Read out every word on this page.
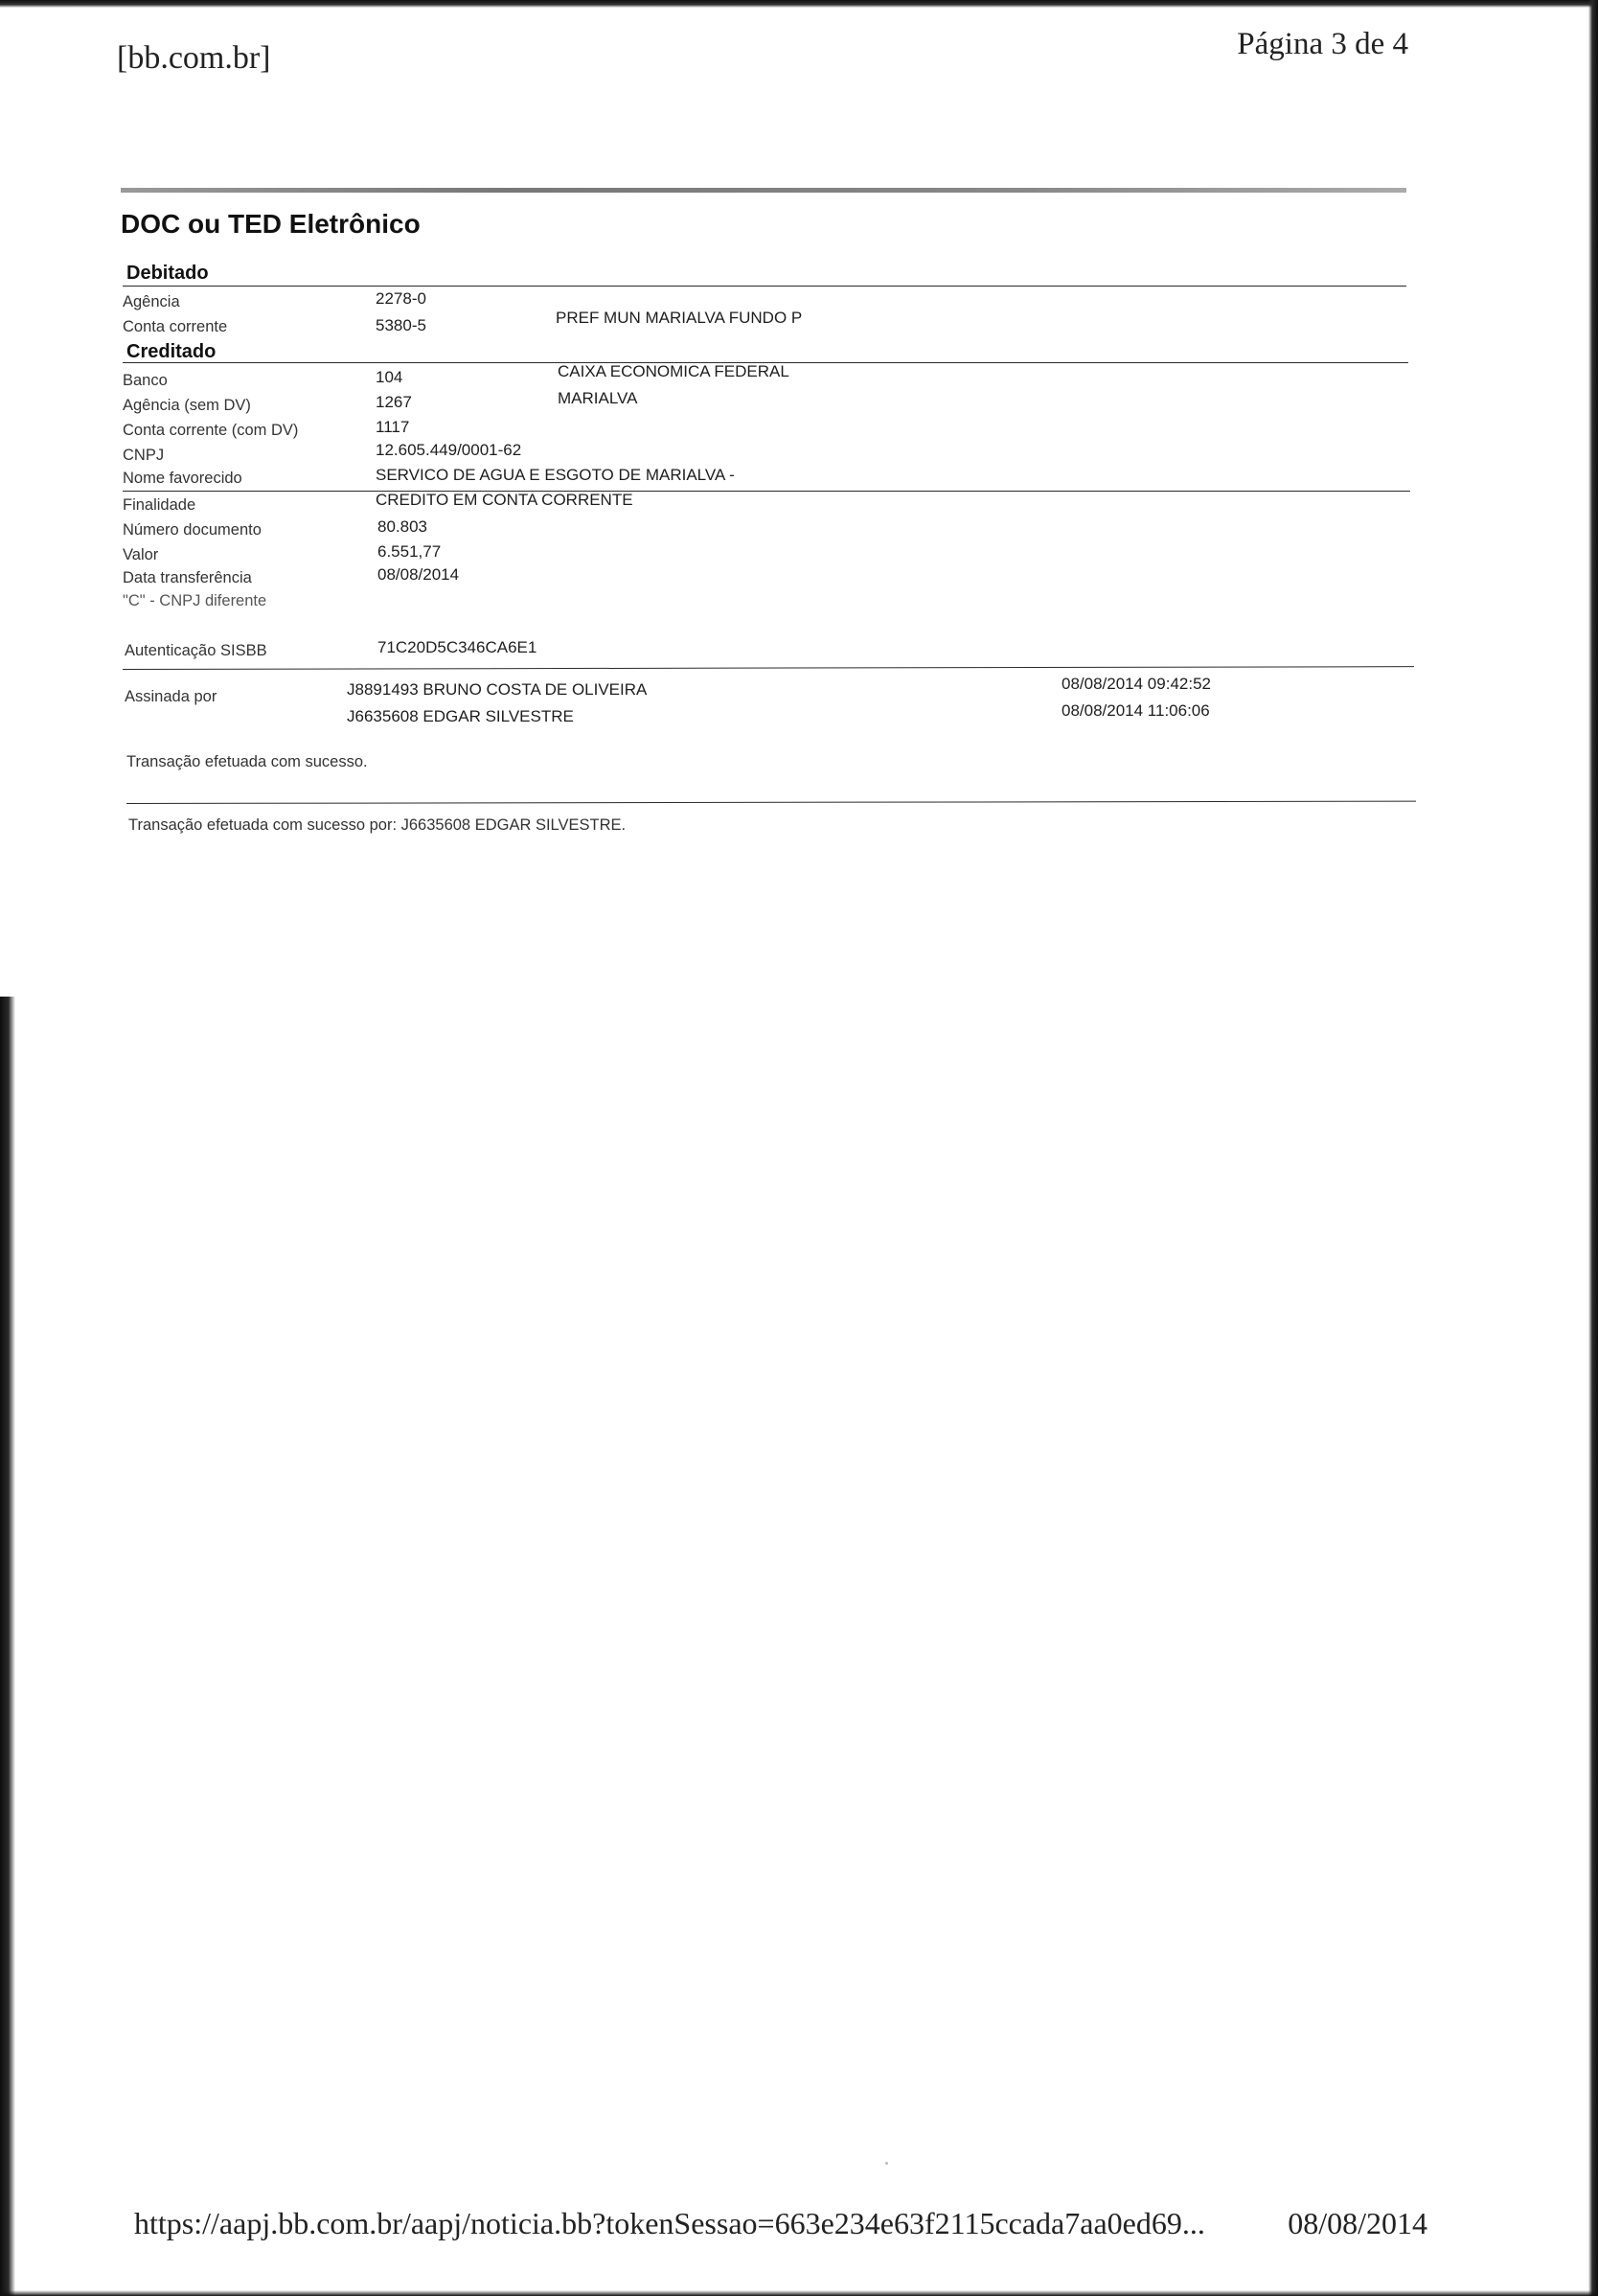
[bb.com.br]	Página 3 de 4
DOC ou TED Eletrônico
Debitado
Agência	2278-0
Conta corrente	5380-5	PREF MUN MARIALVA FUNDO P
Creditado
Banco	104	CAIXA ECONOMICA FEDERAL
Agência (sem DV)	1267	MARIALVA
Conta corrente (com DV)	1117
CNPJ	12.605.449/0001-62
Nome favorecido	SERVICO DE AGUA E ESGOTO DE MARIALVA -
Finalidade	CREDITO EM CONTA CORRENTE
Número documento	80.803
Valor	6.551,77
Data transferência	08/08/2014
"C" - CNPJ diferente
Autenticação SISBB	71C20D5C346CA6E1
Assinada por	J8891493 BRUNO COSTA DE OLIVEIRA	08/08/2014 09:42:52
J6635608 EDGAR SILVESTRE	08/08/2014 11:06:06
Transação efetuada com sucesso.
Transação efetuada com sucesso por: J6635608 EDGAR SILVESTRE.
https://aapj.bb.com.br/aapj/noticia.bb?tokenSessao=663e234e63f2115ccada7aa0ed69...	08/08/2014
